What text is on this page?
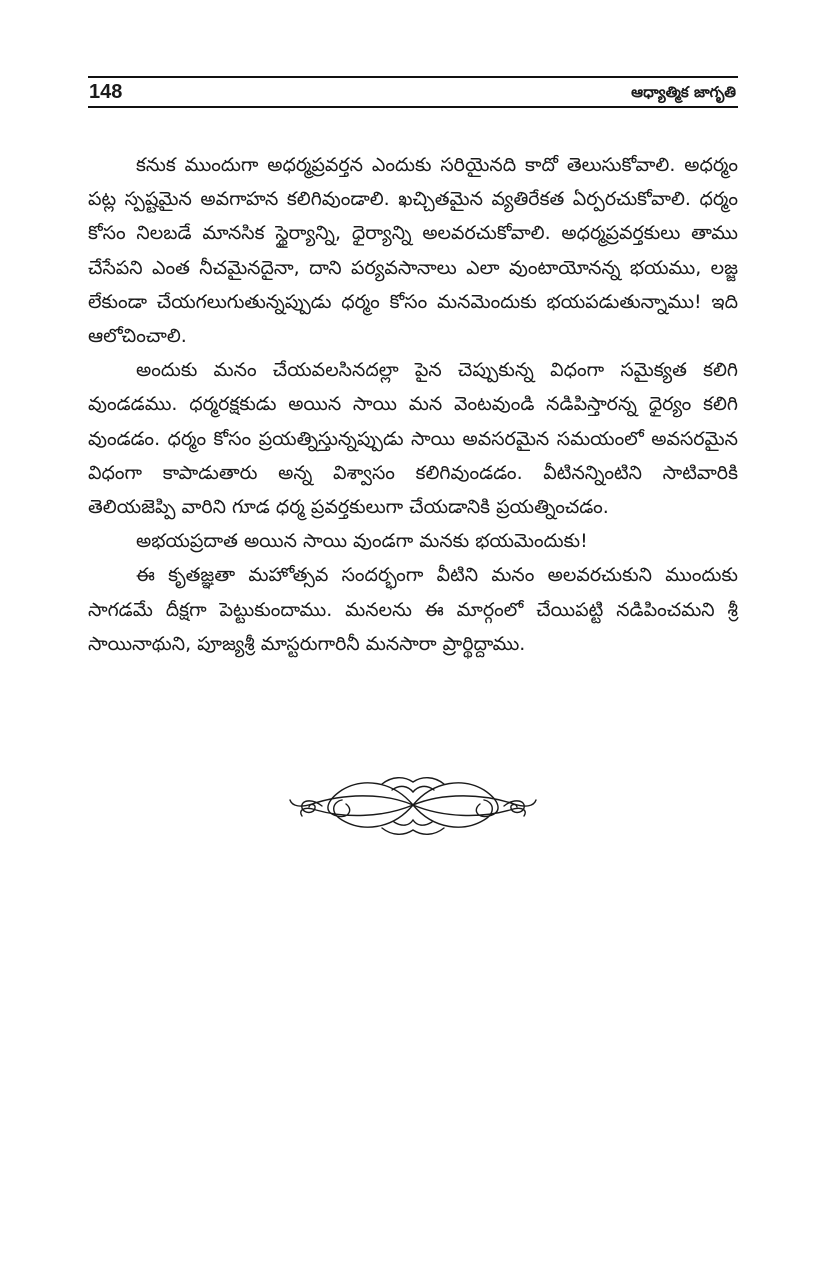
148	ఆధ్యాత్మిక జాగృతి

కనుక ముందుగా అధర్మప్రవర్తన ఎందుకు సరియైనది కాదో తెలుసుకోవాలి. అధర్మం పట్ల స్పష్టమైన అవగాహన కలిగివుండాలి. ఖచ్చితమైన వ్యతిరేకత ఏర్పరచుకోవాలి. ధర్మం కోసం నిలబడే మానసిక స్థైర్యాన్ని, ధైర్యాన్ని అలవరచుకోవాలి. అధర్మప్రవర్తకులు తాము చేసేపని ఎంత నీచమైనదైనా, దాని పర్యవసానాలు ఎలా వుంటాయోనన్న భయము, లజ్జ లేకుండా చేయగలుగుతున్నప్పుడు ధర్మం కోసం మనమెందుకు భయపడుతున్నాము! ఇది ఆలోచించాలి.

అందుకు మనం చేయవలసినదల్లా పైన చెప్పుకున్న విధంగా సమైక్యత కలిగి వుండడము. ధర్మరక్షకుడు అయిన సాయి మన వెంటవుండి నడిపిస్తారన్న ధైర్యం కలిగి వుండడం. ధర్మం కోసం ప్రయత్నిస్తున్నప్పుడు సాయి అవసరమైన సమయంలో అవసరమైన విధంగా కాపాడుతారు అన్న విశ్వాసం కలిగివుండడం. వీటినన్నింటిని సాటివారికి తెలియజెప్పి వారిని గూడ ధర్మ ప్రవర్తకులుగా చేయడానికి ప్రయత్నించడం.

అభయప్రదాత అయిన సాయి వుండగా మనకు భయమెందుకు!

ఈ కృతజ్ఞతా మహోత్సవ సందర్భంగా వీటిని మనం అలవరచుకుని ముందుకు సాగడమే దీక్షగా పెట్టుకుందాము. మనలను ఈ మార్గంలో చేయిపట్టి నడిపించమని శ్రీ సాయినాథుని, పూజ్యశ్రీ మాస్టరుగారినీ మనసారా ప్రార్థిద్దాము.
